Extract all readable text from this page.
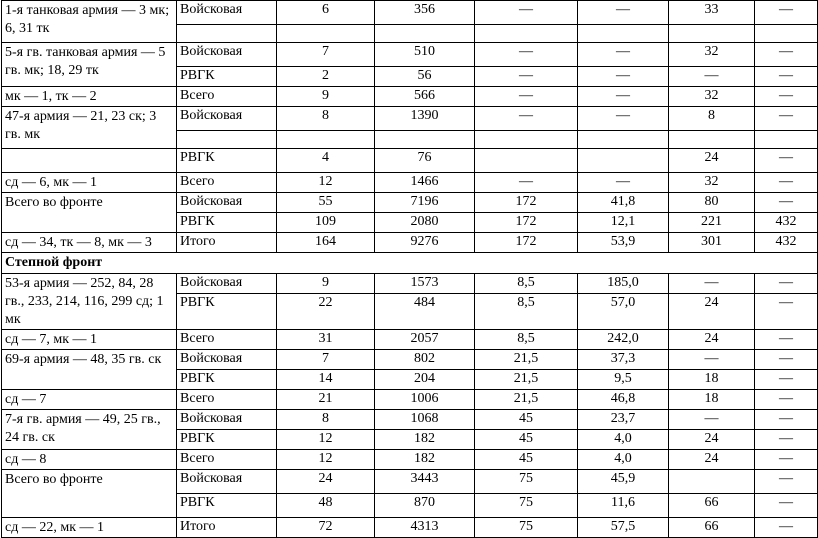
1-я танковая армия — 3 мк; 6, 31 тк	Войсковая	6	356	—	—	33	—

5-я гв. танковая армия — 5 гв. мк; 18, 29 тк	Войсковая	7	510	—	—	32	—
	РВГК	2	56	—	—	—	—
мк — 1, тк — 2	Всего	9	566	—	—	32	—
47-я армия — 21, 23 ск; 3 гв. мк	Войсковая	8	1390	—	—	8	—

	РВГК	4	76			24	—
сд — 6, мк — 1	Всего	12	1466	—	—	32	—
Всего во фронте	Войсковая	55	7196	172	41,8	80	—
	РВГК	109	2080	172	12,1	221	432
сд — 34, тк — 8, мк — 3	Итого	164	9276	172	53,9	301	432
Степной фронт							
53-я армия — 252, 84, 28 гв., 233, 214, 116, 299 сд; 1 мк	Войсковая	9	1573	8,5	185,0	—	—
	РВГК	22	484	8,5	57,0	24	—

сд — 7, мк — 1	Всего	31	2057	8,5	242,0	24	—
69-я армия — 48, 35 гв. ск	Войсковая	7	802	21,5	37,3	—	—
	РВГК	14	204	21,5	9,5	18	—
сд — 7	Всего	21	1006	21,5	46,8	18	—
7-я гв. армия — 49, 25 гв., 24 гв. ск	Войсковая	8	1068	45	23,7	—	—
	РВГК	12	182	45	4,0	24	—
сд — 8	Всего	12	182	45	4,0	24	—
Всего во фронте	Войсковая	24	3443	75	45,9		—
	РВГК	48	870	75	11,6	66	—
сд — 22, мк — 1	Итого	72	4313	75	57,5	66	—
